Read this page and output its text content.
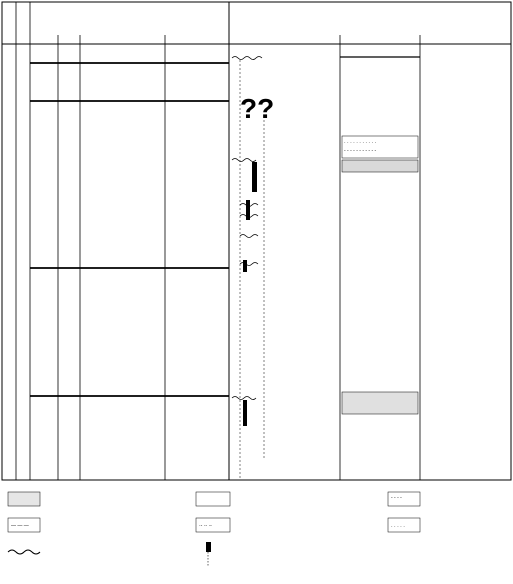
??
· · · · · · · · · · ·
- - - - - - - - - - -
- - - -
— — —	·- ·- ·-	· · · · ·
